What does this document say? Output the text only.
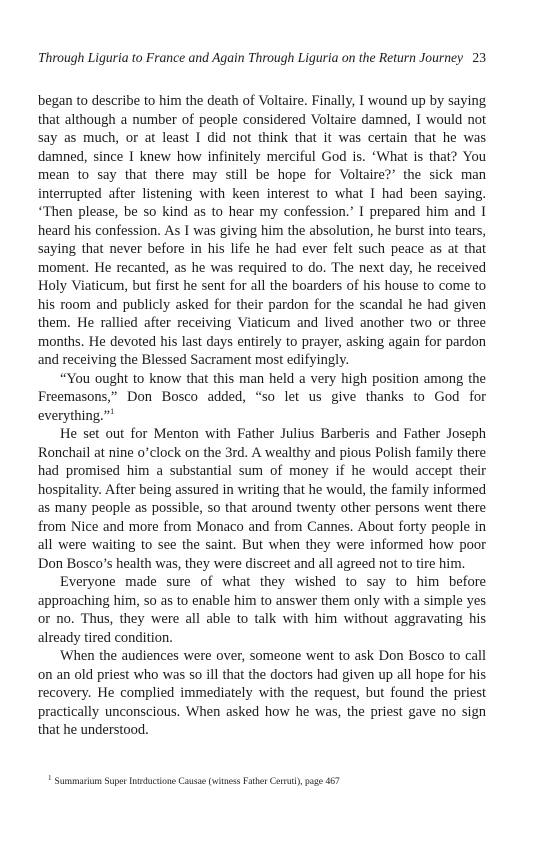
Through Liguria to France and Again Through Liguria on the Return Journey 23

began to describe to him the death of Voltaire. Finally, I wound up by saying that although a number of people considered Voltaire damned, I would not say as much, or at least I did not think that it was certain that he was damned, since I knew how infinitely merciful God is. ‘What is that? You mean to say that there may still be hope for Voltaire?’ the sick man interrupted after listening with keen interest to what I had been saying. ‘Then please, be so kind as to hear my confession.’ I prepared him and I heard his confession. As I was giving him the absolution, he burst into tears, saying that never before in his life he had ever felt such peace as at that moment. He recanted, as he was required to do. The next day, he received Holy Viaticum, but first he sent for all the boarders of his house to come to his room and publicly asked for their pardon for the scandal he had given them. He rallied after receiving Viaticum and lived another two or three months. He devoted his last days entirely to prayer, asking again for pardon and receiving the Blessed Sacrament most edifyingly.

“You ought to know that this man held a very high position among the Freemasons,” Don Bosco added, “so let us give thanks to God for everything.”$^1$

He set out for Menton with Father Julius Barberis and Father Joseph Ronchail at nine o’clock on the 3rd. A wealthy and pious Polish family there had promised him a substantial sum of money if he would accept their hospitality. After being assured in writing that he would, the family informed as many people as possible, so that around twenty other persons went there from Nice and more from Monaco and from Cannes. About forty people in all were waiting to see the saint. But when they were informed how poor Don Bosco’s health was, they were discreet and all agreed not to tire him.

Everyone made sure of what they wished to say to him before approaching him, so as to enable him to answer them only with a simple yes or no. Thus, they were all able to talk with him without aggravating his already tired condition.

When the audiences were over, someone went to ask Don Bosco to call on an old priest who was so ill that the doctors had given up all hope for his recovery. He complied immediately with the request, but found the priest practically unconscious. When asked how he was, the priest gave no sign that he understood.

$^1$ Summarium Super Intrductione Causae (witness Father Cerruti), page 467
